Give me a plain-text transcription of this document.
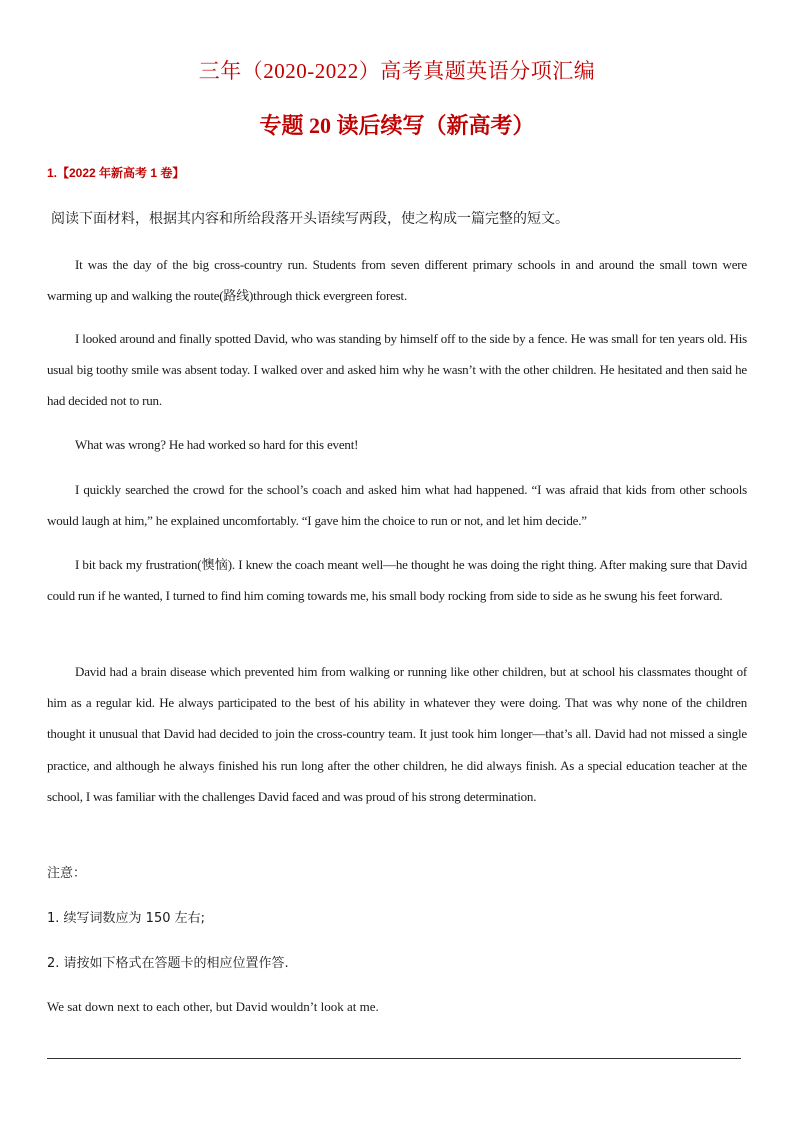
三年（2020-2022）高考真题英语分项汇编
专题 20 读后续写（新高考）
1.【2022 年新高考 1 卷】
阅读下面材料，根据其内容和所给段落开头语续写两段，使之构成一篇完整的短文。
It was the day of the big cross-country run. Students from seven different primary schools in and around the small town were warming up and walking the route(路线)through thick evergreen forest.
I looked around and finally spotted David, who was standing by himself off to the side by a fence. He was small for ten years old. His usual big toothy smile was absent today. I walked over and asked him why he wasn’t with the other children. He hesitated and then said he had decided not to run.
What was wrong? He had worked so hard for this event!
I quickly searched the crowd for the school’s coach and asked him what had happened. “I was afraid that kids from other schools would laugh at him,” he explained uncomfortably. “I gave him the choice to run or not, and let him decide.”
I bit back my frustration(懊恼). I knew the coach meant well—he thought he was doing the right thing. After making sure that David could run if he wanted, I turned to find him coming towards me, his small body rocking from side to side as he swung his feet forward.
David had a brain disease which prevented him from walking or running like other children, but at school his classmates thought of him as a regular kid. He always participated to the best of his ability in whatever they were doing. That was why none of the children thought it unusual that David had decided to join the cross-country team. It just took him longer—that’s all. David had not missed a single practice, and although he always finished his run long after the other children, he did always finish. As a special education teacher at the school, I was familiar with the challenges David faced and was proud of his strong determination.
注意：
1. 续写词数应为 150 左右;
2. 请按如下格式在答题卡的相应位置作答.
We sat down next to each other, but David wouldn’t look at me.
